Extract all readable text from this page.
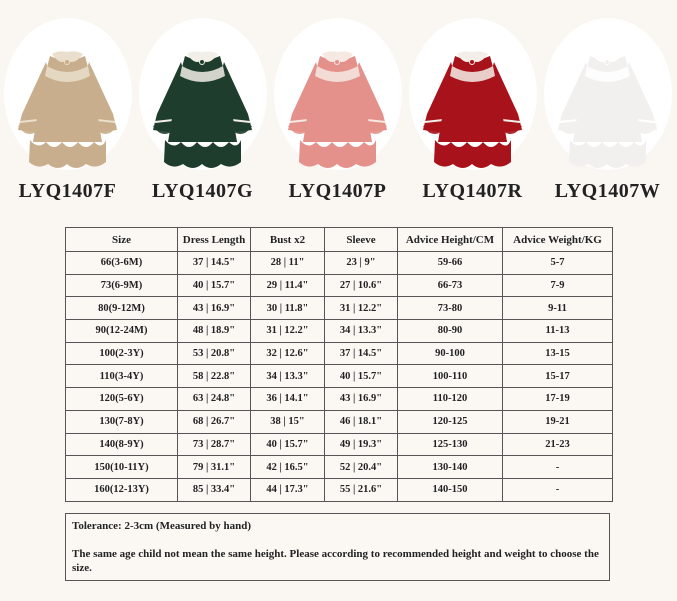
LYQ1407F	LYQ1407G	LYQ1407P	LYQ1407R	LYQ1407W
Size	Dress Length	Bust x2	Sleeve	Advice Height/CM	Advice Weight/KG
66(3-6M)	37 | 14.5"	28 | 11"	23 | 9"	59-66	5-7
73(6-9M)	40 | 15.7"	29 | 11.4"	27 | 10.6"	66-73	7-9
80(9-12M)	43 | 16.9"	30 | 11.8"	31 | 12.2"	73-80	9-11
90(12-24M)	48 | 18.9"	31 | 12.2"	34 | 13.3"	80-90	11-13
100(2-3Y)	53 | 20.8"	32 | 12.6"	37 | 14.5"	90-100	13-15
110(3-4Y)	58 | 22.8"	34 | 13.3"	40 | 15.7"	100-110	15-17
120(5-6Y)	63 | 24.8"	36 | 14.1"	43 | 16.9"	110-120	17-19
130(7-8Y)	68 | 26.7"	38 | 15"	46 | 18.1"	120-125	19-21
140(8-9Y)	73 | 28.7"	40 | 15.7"	49 | 19.3"	125-130	21-23
150(10-11Y)	79 | 31.1"	42 | 16.5"	52 | 20.4"	130-140	-
160(12-13Y)	85 | 33.4"	44 | 17.3"	55 | 21.6"	140-150	-

Tolerance: 2-3cm (Measured by hand)

The same age child not mean the same height. Please according to recommended height and weight to choose the size.
